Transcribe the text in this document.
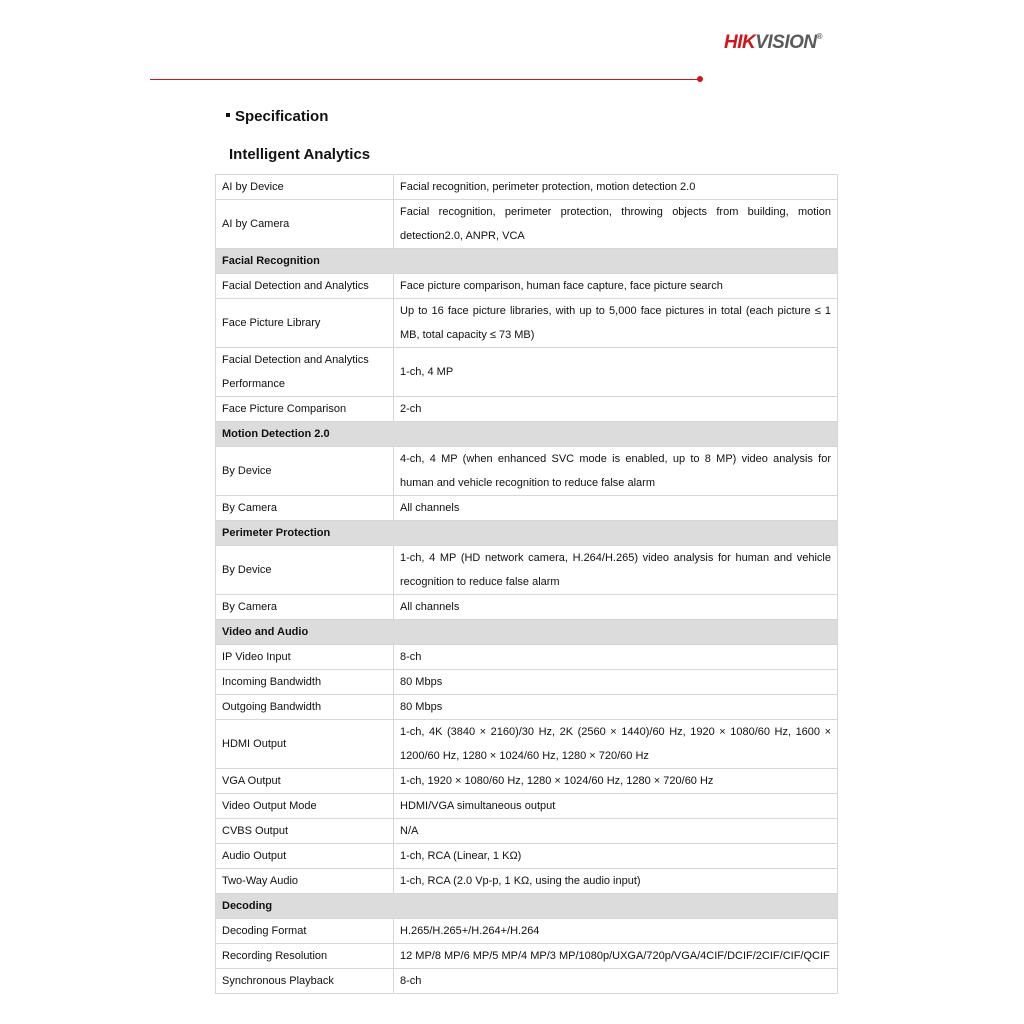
HIKVISION®
Specification
Intelligent Analytics
AI by Device	Facial recognition, perimeter protection, motion detection 2.0
AI by Camera	Facial recognition, perimeter protection, throwing objects from building, motion detection2.0, ANPR, VCA
Facial Recognition	
Facial Detection and Analytics	Face picture comparison, human face capture, face picture search
Face Picture Library	Up to 16 face picture libraries, with up to 5,000 face pictures in total (each picture ≤ 1 MB, total capacity ≤ 73 MB)
Facial Detection and Analytics Performance	1-ch, 4 MP
Face Picture Comparison	2-ch
Motion Detection 2.0	
By Device	4-ch, 4 MP (when enhanced SVC mode is enabled, up to 8 MP) video analysis for human and vehicle recognition to reduce false alarm
By Camera	All channels
Perimeter Protection	
By Device	1-ch, 4 MP (HD network camera, H.264/H.265) video analysis for human and vehicle recognition to reduce false alarm
By Camera	All channels
Video and Audio	
IP Video Input	8-ch
Incoming Bandwidth	80 Mbps
Outgoing Bandwidth	80 Mbps
HDMI Output	1-ch, 4K (3840 × 2160)/30 Hz, 2K (2560 × 1440)/60 Hz, 1920 × 1080/60 Hz, 1600 × 1200/60 Hz, 1280 × 1024/60 Hz, 1280 × 720/60 Hz
VGA Output	1-ch, 1920 × 1080/60 Hz, 1280 × 1024/60 Hz, 1280 × 720/60 Hz
Video Output Mode	HDMI/VGA simultaneous output
CVBS Output	N/A
Audio Output	1-ch, RCA (Linear, 1 KΩ)
Two-Way Audio	1-ch, RCA (2.0 Vp-p, 1 KΩ, using the audio input)
Decoding	
Decoding Format	H.265/H.265+/H.264+/H.264
Recording Resolution	12 MP/8 MP/6 MP/5 MP/4 MP/3 MP/1080p/UXGA/720p/VGA/4CIF/DCIF/2CIF/CIF/QCIF
Synchronous Playback	8-ch
